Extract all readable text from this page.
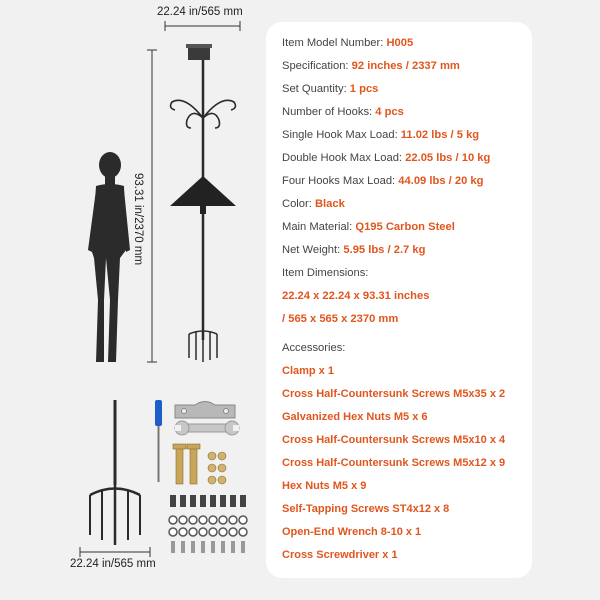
22.24 in/565 mm
93.31 in/2370 mm
22.24 in/565 mm
Item Model Number: H005
Specification: 92 inches / 2337 mm
Set Quantity: 1 pcs
Number of Hooks: 4 pcs
Single Hook Max Load: 11.02 lbs / 5 kg
Double Hook Max Load: 22.05 lbs / 10 kg
Four Hooks Max Load: 44.09 lbs / 20 kg
Color: Black
Main Material: Q195 Carbon Steel
Net Weight: 5.95 lbs / 2.7 kg
Item Dimensions:
22.24 x 22.24 x 93.31 inches
/ 565 x 565 x 2370 mm
Accessories:
Clamp x 1
Cross Half-Countersunk Screws M5x35 x 2
Galvanized Hex Nuts M5 x 6
Cross Half-Countersunk Screws M5x10 x 4
Cross Half-Countersunk Screws M5x12 x 9
Hex Nuts M5 x 9
Self-Tapping Screws ST4x12 x 8
Open-End Wrench 8-10 x 1
Cross Screwdriver x 1
